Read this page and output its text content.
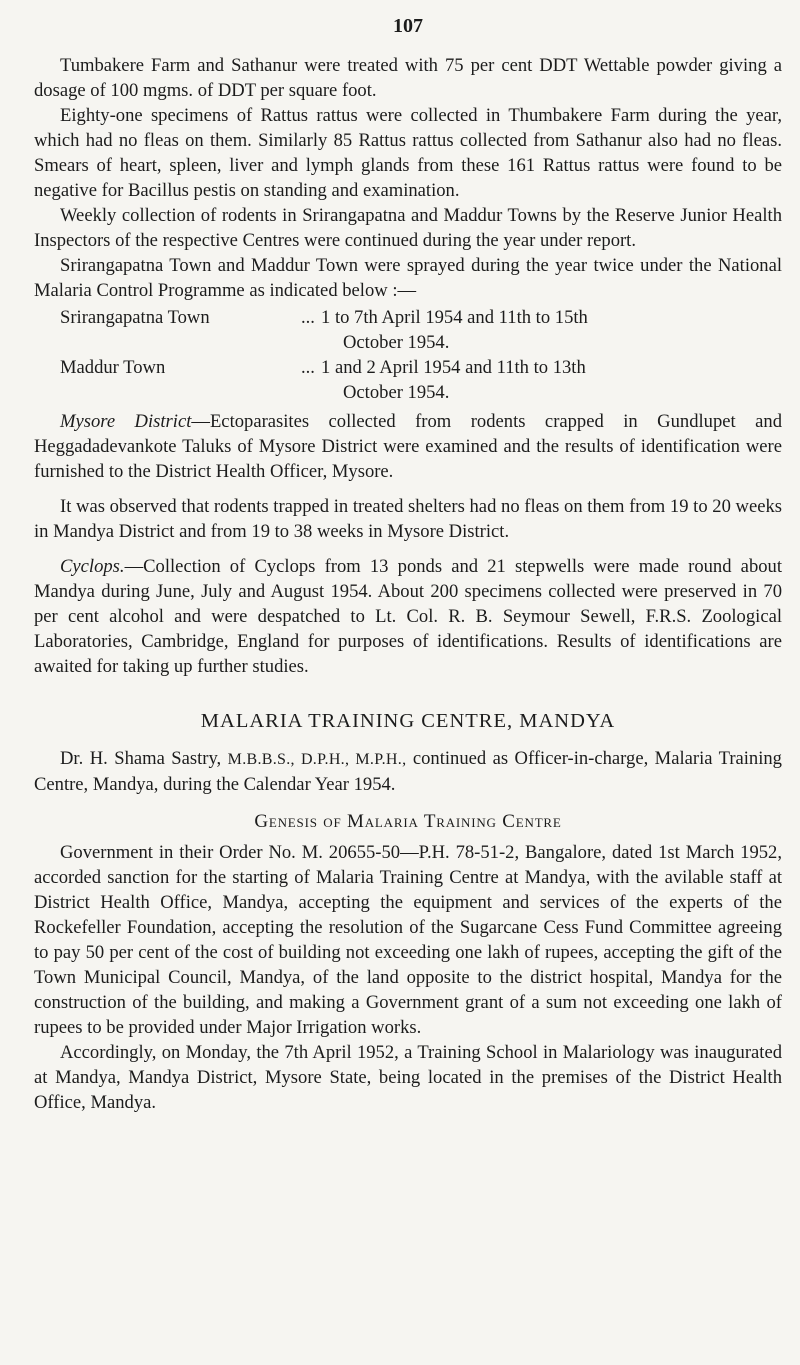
107

Tumbakere Farm and Sathanur were treated with 75 per cent DDT Wettable powder giving a dosage of 100 mgms. of DDT per square foot.

Eighty-one specimens of Rattus rattus were collected in Thumbakere Farm during the year, which had no fleas on them. Similarly 85 Rattus rattus collected from Sathanur also had no fleas. Smears of heart, spleen, liver and lymph glands from these 161 Rattus rattus were found to be negative for Bacillus pestis on standing and examination.

Weekly collection of rodents in Srirangapatna and Maddur Towns by the Reserve Junior Health Inspectors of the respective Centres were continued during the year under report.

Srirangapatna Town and Maddur Town were sprayed during the year twice under the National Malaria Control Programme as indicated below :—

Srirangapatna Town	... 1 to 7th April 1954 and 11th to 15th
October 1954.
Maddur Town	... 1 and 2 April 1954 and 11th to 13th
October 1954.

Mysore District—Ectoparasites collected from rodents crapped in Gundlupet and Heggadadevankote Taluks of Mysore District were examined and the results of identification were furnished to the District Health Officer, Mysore.

It was observed that rodents trapped in treated shelters had no fleas on them from 19 to 20 weeks in Mandya District and from 19 to 38 weeks in Mysore District.

Cyclops.—Collection of Cyclops from 13 ponds and 21 stepwells were made round about Mandya during June, July and August 1954. About 200 specimens collected were preserved in 70 per cent alcohol and were despatched to Lt. Col. R. B. Seymour Sewell, F.R.S. Zoological Laboratories, Cambridge, England for purposes of identifications. Results of identifications are awaited for taking up further studies.

MALARIA TRAINING CENTRE, MANDYA

Dr. H. Shama Sastry, M.B.B.S., D.P.H., M.P.H., continued as Officer-in-charge, Malaria Training Centre, Mandya, during the Calendar Year 1954.

Genesis of Malaria Training Centre

Government in their Order No. M. 20655-50—P.H. 78-51-2, Bangalore, dated 1st March 1952, accorded sanction for the starting of Malaria Training Centre at Mandya, with the avilable staff at District Health Office, Mandya, accepting the equipment and services of the experts of the Rockefeller Foundation, accepting the resolution of the Sugarcane Cess Fund Committee agreeing to pay 50 per cent of the cost of building not exceeding one lakh of rupees, accepting the gift of the Town Municipal Council, Mandya, of the land opposite to the district hospital, Mandya for the construction of the building, and making a Government grant of a sum not exceeding one lakh of rupees to be provided under Major Irrigation works.

Accordingly, on Monday, the 7th April 1952, a Training School in Malariology was inaugurated at Mandya, Mandya District, Mysore State, being located in the premises of the District Health Office, Mandya.
